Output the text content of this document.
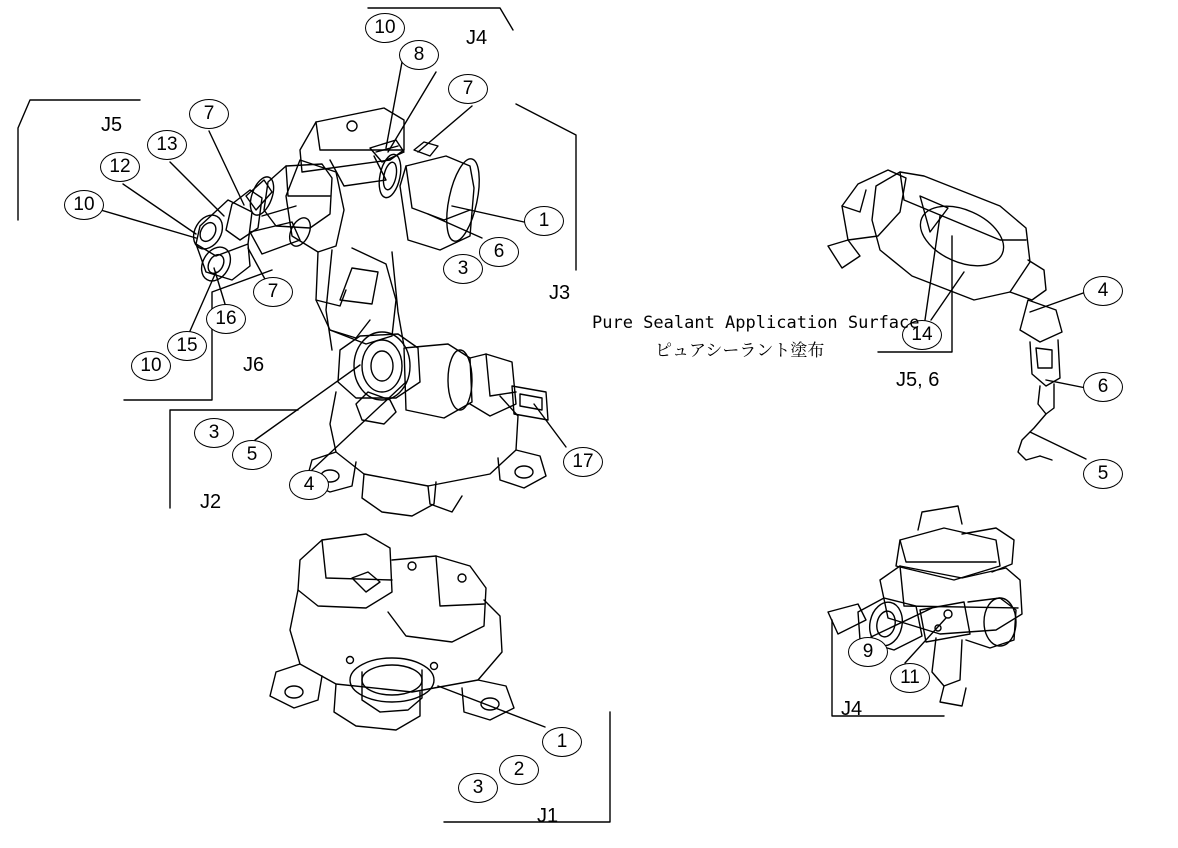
10
8
7
7
13
12
10
1
6
3
7
16
15
10
3
5
4
17
4
14
6
5
9
11
1
2
3
J4
J5
J3
J6
J2
J1
J5, 6
J4
Pure Sealant Application Surface
ピュアシーラント塗布
